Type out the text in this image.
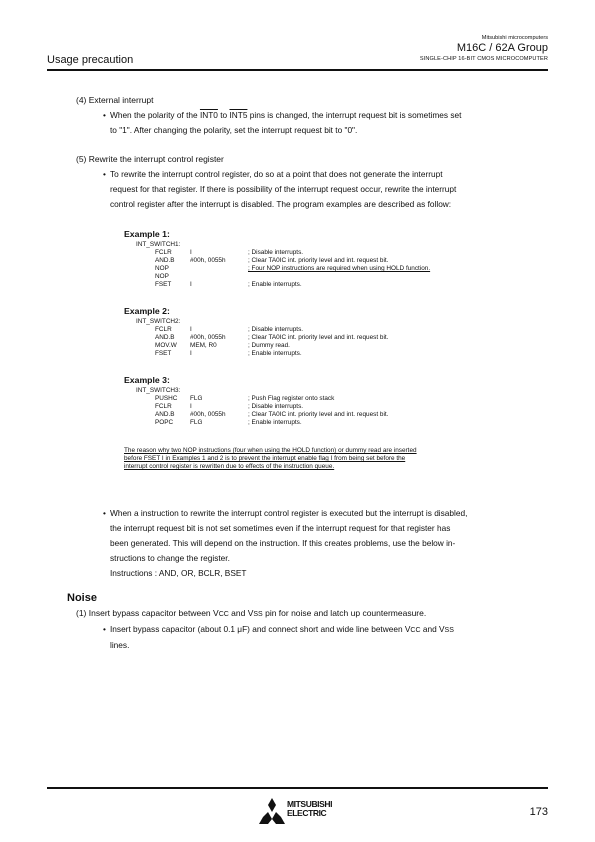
Mitsubishi microcomputers
M16C / 62A Group
SINGLE-CHIP 16-BIT CMOS MICROCOMPUTER
Usage precaution
(4) External interrupt
• When the polarity of the INT0 to INT5 pins is changed, the interrupt request bit is sometimes set
to "1". After changing the polarity, set the interrupt request bit to "0".
(5) Rewrite the interrupt control register
• To rewrite the interrupt control register, do so at a point that does not generate the interrupt
request for that register. If there is possibility of the interrupt request occur, rewrite the interrupt
control register after the interrupt is disabled. The program examples are described as follow:
Example 1:
INT_SWITCH1:
FCLR	I	; Disable interrupts.
AND.B #00h, 0055h	; Clear TA0IC int. priority level and int. request bit.
NOP	; Four NOP instructions are required when using HOLD function.
NOP
FSET	I	; Enable interrupts.
Example 2:
INT_SWITCH2:
FCLR	I	; Disable interrupts.
AND.B #00h, 0055h	; Clear TA0IC int. priority level and int. request bit.
MOV.W MEM, R0	; Dummy read.
FSET	I	; Enable interrupts.
Example 3:
INT_SWITCH3:
PUSHC FLG	; Push Flag register onto stack
FCLR	I	; Disable interrupts.
AND.B #00h, 0055h	; Clear TA0IC int. priority level and int. request bit.
POPC	FLG	; Enable interrupts.
The reason why two NOP instructions (four when using the HOLD function) or dummy read are inserted
before FSET I in Examples 1 and 2 is to prevent the interrupt enable flag I from being set before the
interrupt control register is rewritten due to effects of the instruction queue.
• When a instruction to rewrite the interrupt control register is executed but the interrupt is disabled,
the interrupt request bit is not set sometimes even if the interrupt request for that register has
been generated. This will depend on the instruction. If this creates problems, use the below in-
structions to change the register.
Instructions : AND, OR, BCLR, BSET
Noise
(1) Insert bypass capacitor between VCC and VSS pin for noise and latch up countermeasure.
• Insert bypass capacitor (about 0.1 μF) and connect short and wide line between VCC and VSS
lines.
MITSUBISHI
ELECTRIC	173
